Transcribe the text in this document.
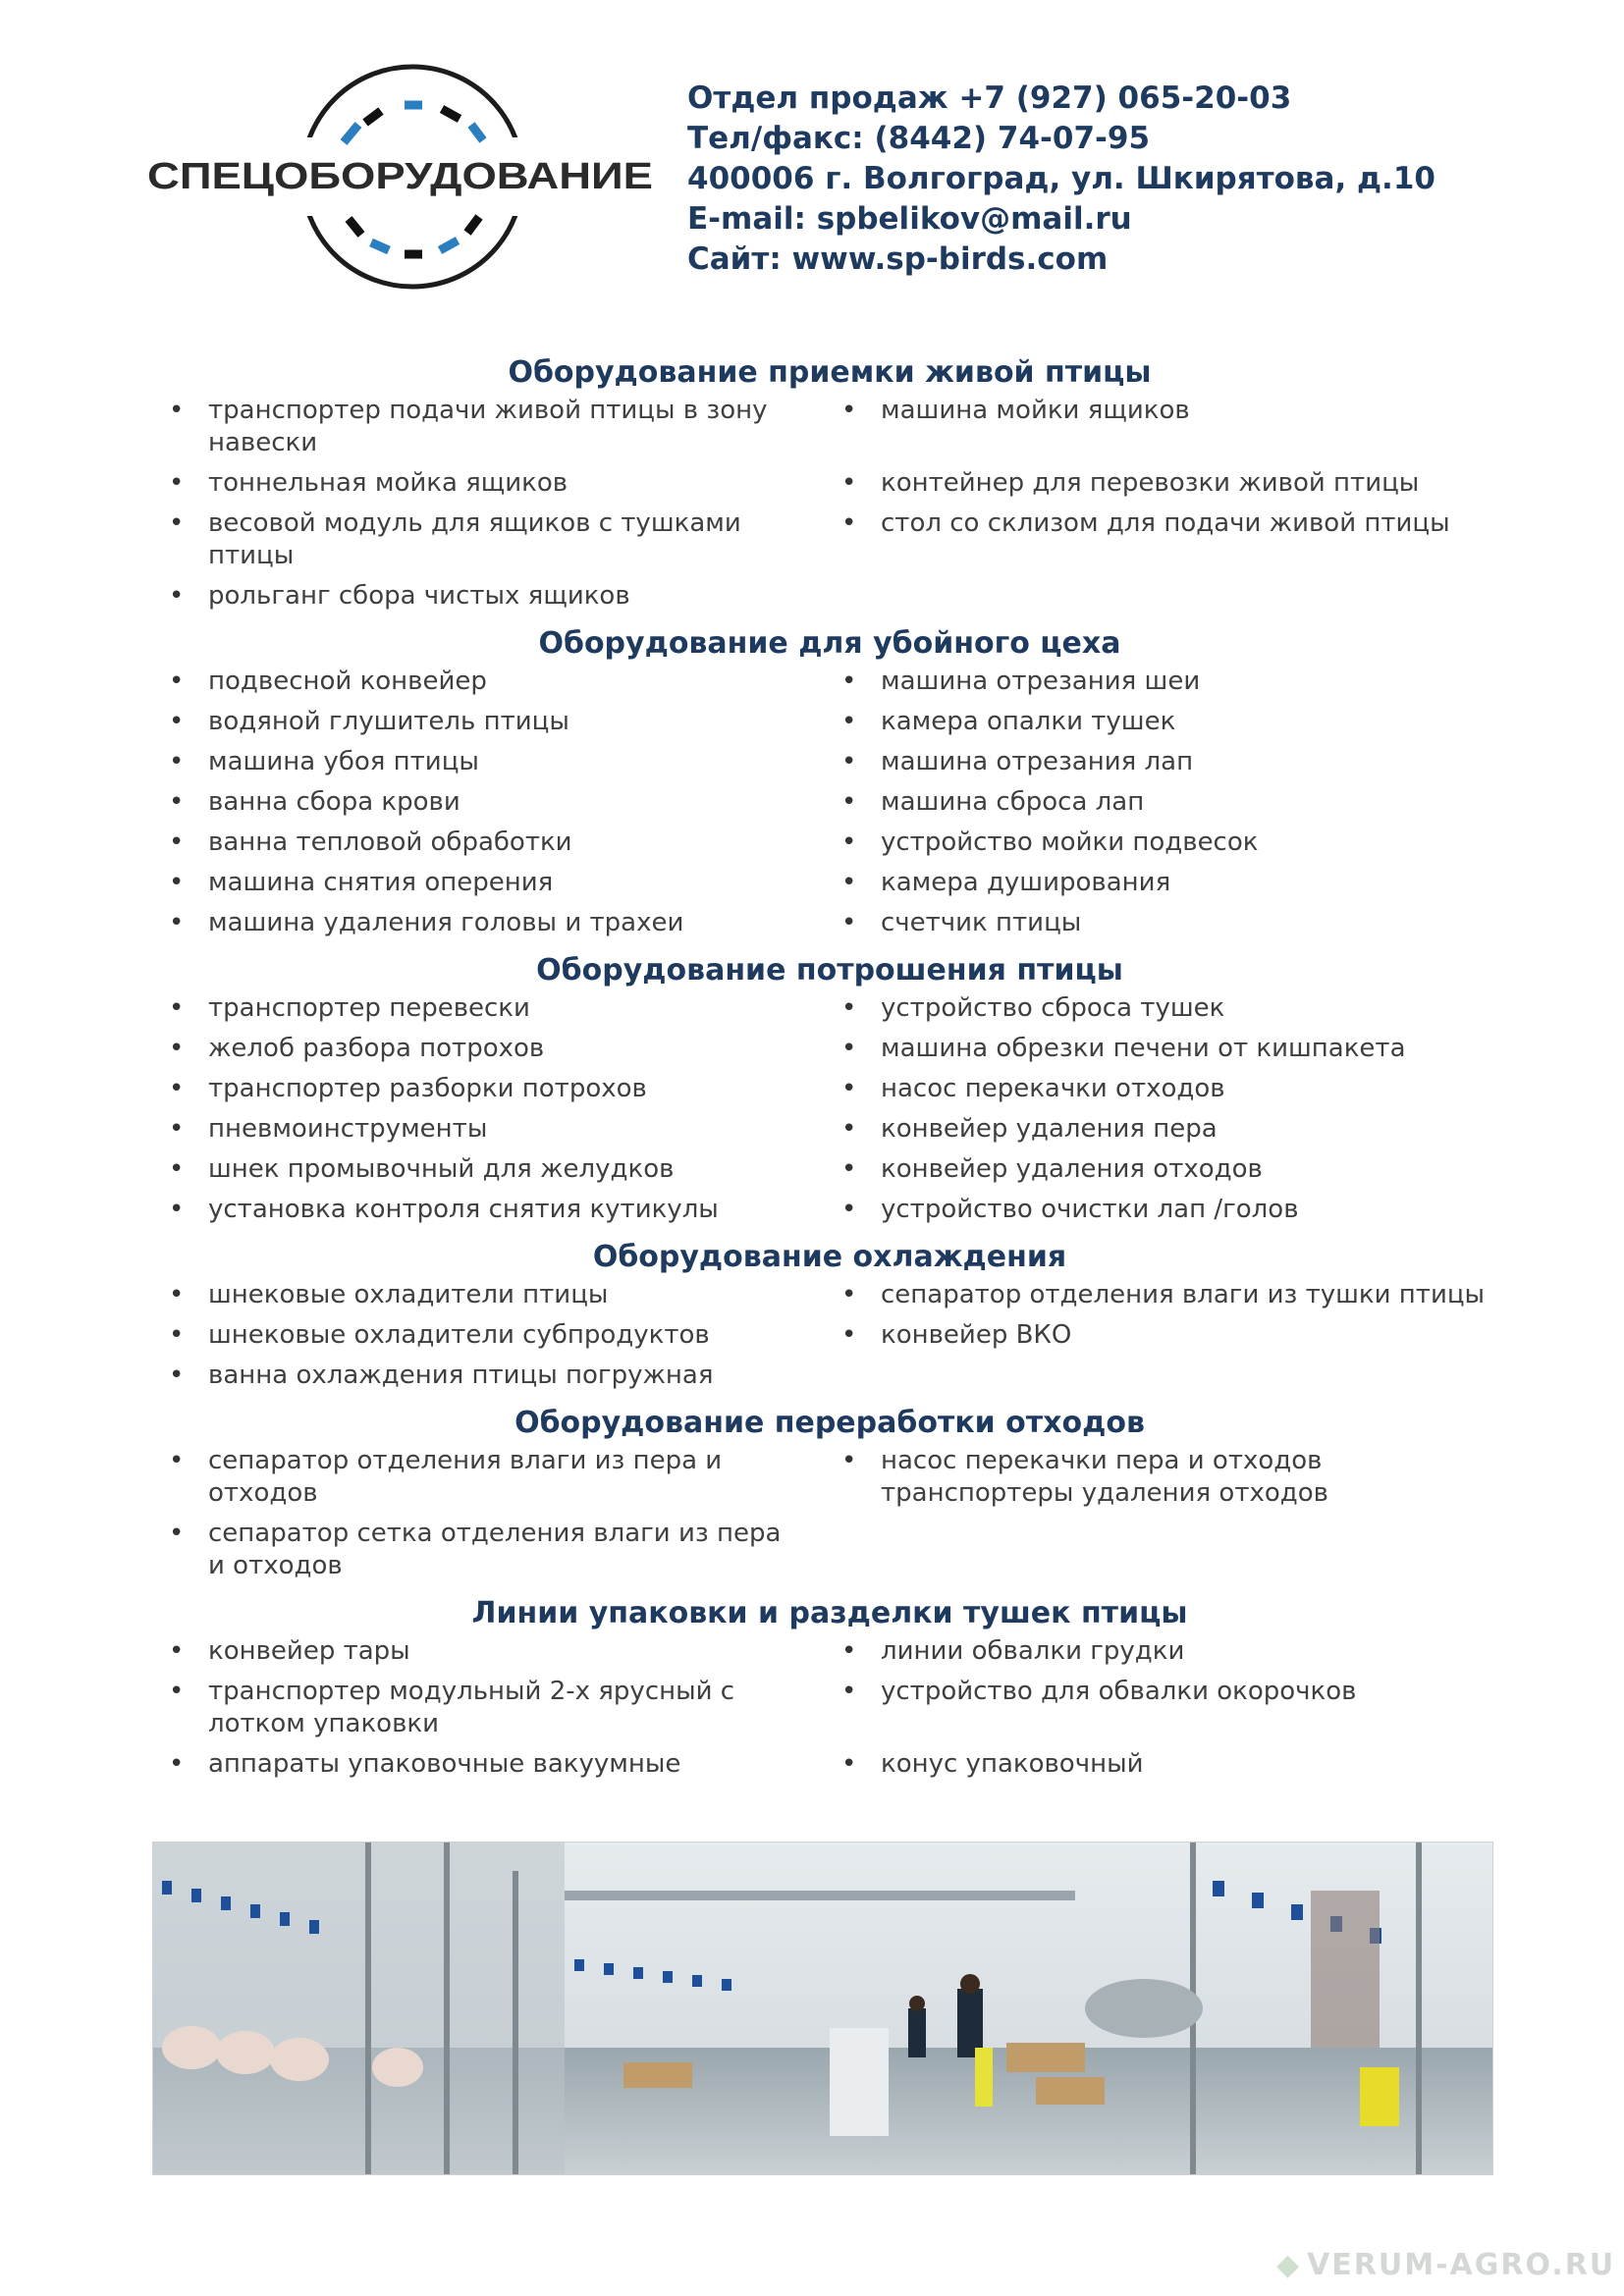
СПЕЦОБОРУДОВАНИЕ
Отдел продаж +7 (927) 065-20-03
Тел/факс: (8442) 74-07-95
400006 г. Волгоград, ул. Шкирятова, д.10
E-mail: spbelikov@mail.ru
Сайт: www.sp-birds.com
Оборудование приемки живой птицы
• транспортер подачи живой птицы в зону навески
• машина мойки ящиков
• тоннельная мойка ящиков	• контейнер для перевозки живой птицы
• весовой модуль для ящиков с тушками птицы
• стол со склизом для подачи живой птицы
• рольганг сбора чистых ящиков
Оборудование для убойного цеха
• подвесной конвейер	• машина отрезания шеи
• водяной глушитель птицы	• камера опалки тушек
• машина убоя птицы	• машина отрезания лап
• ванна сбора крови	• машина сброса лап
• ванна тепловой обработки	• устройство мойки подвесок
• машина снятия оперения	• камера душирования
• машина удаления головы и трахеи	• счетчик птицы
Оборудование потрошения птицы
• транспортер перевески	• устройство сброса тушек
• желоб разбора потрохов	• машина обрезки печени от кишпакета
• транспортер разборки потрохов	• насос перекачки отходов
• пневмоинструменты	• конвейер удаления пера
• шнек промывочный для желудков	• конвейер удаления отходов
• установка контроля снятия кутикулы	• устройство очистки лап /голов
Оборудование охлаждения
• шнековые охладители птицы	• сепаратор отделения влаги из тушки птицы
• шнековые охладители субпродуктов	• конвейер ВКО
• ванна охлаждения птицы погружная
Оборудование переработки отходов
• сепаратор отделения влаги из пера и отходов
• насос перекачки пера и отходов транспортеры удаления отходов
• сепаратор сетка отделения влаги из пера и отходов
Линии упаковки и разделки тушек птицы
• конвейер тары	• линии обвалки грудки
• транспортер модульный 2-х ярусный с лотком упаковки
• устройство для обвалки окорочков
• аппараты упаковочные вакуумные	• конус упаковочный
◆ VERUM-AGRO.RU
